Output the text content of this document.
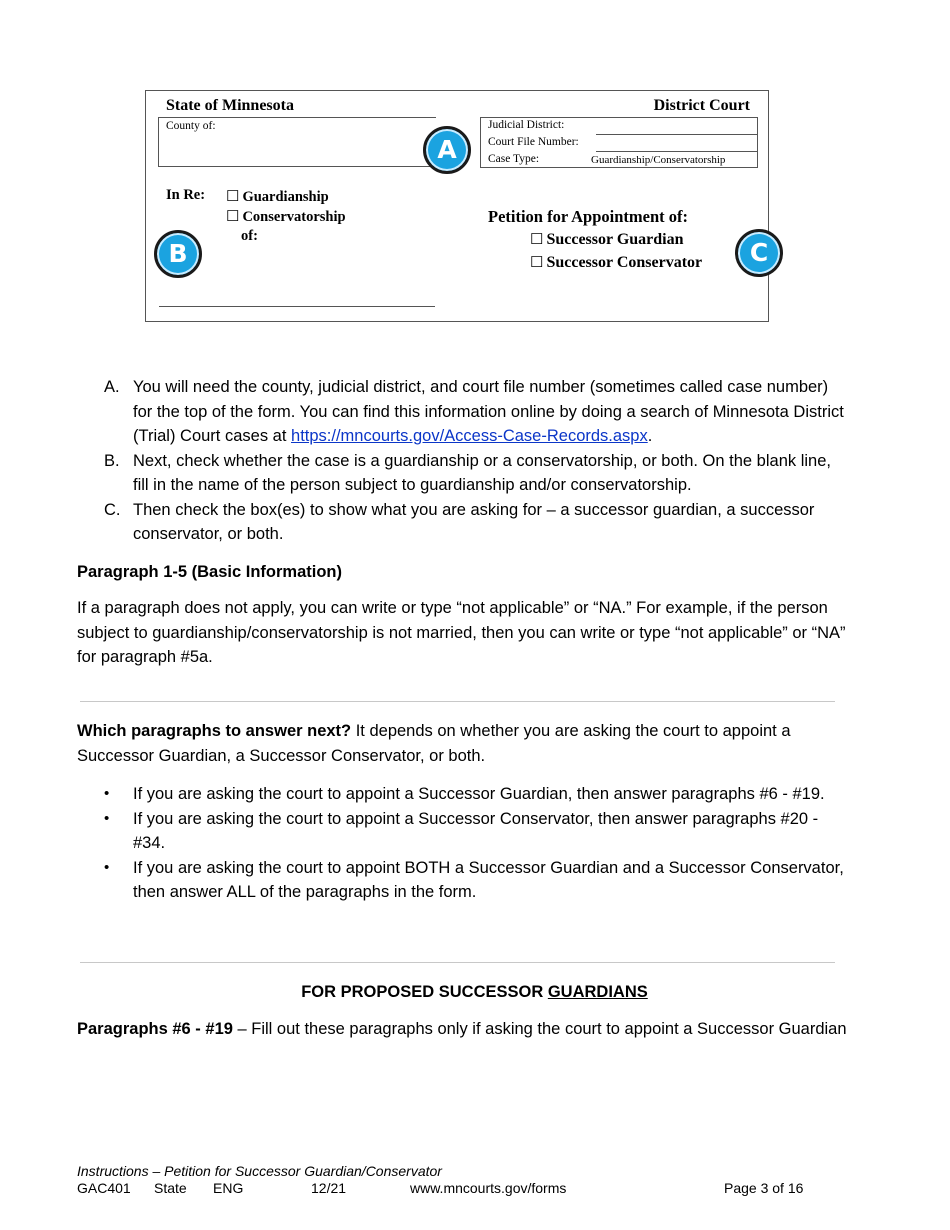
State of Minnesota	District Court
County of:	Judicial District:
Court File Number:
Case Type:	Guardianship/Conservatorship
In Re: ☐ Guardianship
☐ Conservatorship
of:
Petition for Appointment of:
☐ Successor Guardian
☐ Successor Conservator
A
B	C
A. You will need the county, judicial district, and court file number (sometimes called case number) for the top of the form. You can find this information online by doing a search of Minnesota District (Trial) Court cases at https://mncourts.gov/Access-Case-Records.aspx.
B. Next, check whether the case is a guardianship or a conservatorship, or both. On the blank line, fill in the name of the person subject to guardianship and/or conservatorship.
C. Then check the box(es) to show what you are asking for – a successor guardian, a successor conservator, or both.
Paragraph 1-5 (Basic Information)
If a paragraph does not apply, you can write or type “not applicable” or “NA.” For example, if the person subject to guardianship/conservatorship is not married, then you can write or type “not applicable” or “NA” for paragraph #5a.
Which paragraphs to answer next? It depends on whether you are asking the court to appoint a Successor Guardian, a Successor Conservator, or both.
• If you are asking the court to appoint a Successor Guardian, then answer paragraphs #6 - #19.
• If you are asking the court to appoint a Successor Conservator, then answer paragraphs #20 - #34.
• If you are asking the court to appoint BOTH a Successor Guardian and a Successor Conservator, then answer ALL of the paragraphs in the form.
FOR PROPOSED SUCCESSOR GUARDIANS
Paragraphs #6 - #19 – Fill out these paragraphs only if asking the court to appoint a Successor Guardian
Instructions – Petition for Successor Guardian/Conservator
GAC401 State ENG	12/21	www.mncourts.gov/forms	Page 3 of 16
